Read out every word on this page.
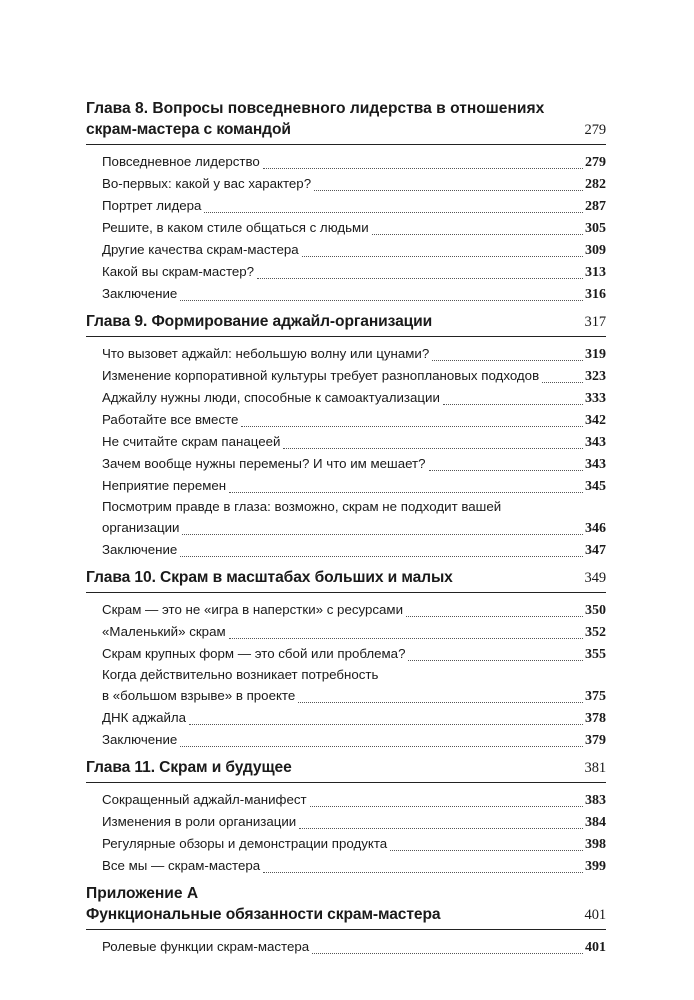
Глава 8. Вопросы повседневного лидерства в отношениях
скрам-мастера с командой	279
Повседневное лидерство	279
Во-первых: какой у вас характер?	282
Портрет лидера	287
Решите, в каком стиле общаться с людьми	305
Другие качества скрам-мастера	309
Какой вы скрам-мастер?	313
Заключение	316
Глава 9. Формирование аджайл-организации	317
Что вызовет аджайл: небольшую волну или цунами?	319
Изменение корпоративной культуры требует разноплановых подходов	323
Аджайлу нужны люди, способные к самоактуализации	333
Работайте все вместе	342
Не считайте скрам панацеей	343
Зачем вообще нужны перемены? И что им мешает?	343
Неприятие перемен	345
Посмотрим правде в глаза: возможно, скрам не подходит вашей
организации	346
Заключение	347
Глава 10. Скрам в масштабах больших и малых	349
Скрам — это не «игра в наперстки» с ресурсами	350
«Маленький» скрам	352
Скрам крупных форм — это сбой или проблема?	355
Когда действительно возникает потребность
в «большом взрыве» в проекте	375
ДНК аджайла	378
Заключение	379
Глава 11. Скрам и будущее	381
Сокращенный аджайл-манифест	383
Изменения в роли организации	384
Регулярные обзоры и демонстрации продукта	398
Все мы — скрам-мастера	399
Приложение А
Функциональные обязанности скрам-мастера	401
Ролевые функции скрам-мастера	401
